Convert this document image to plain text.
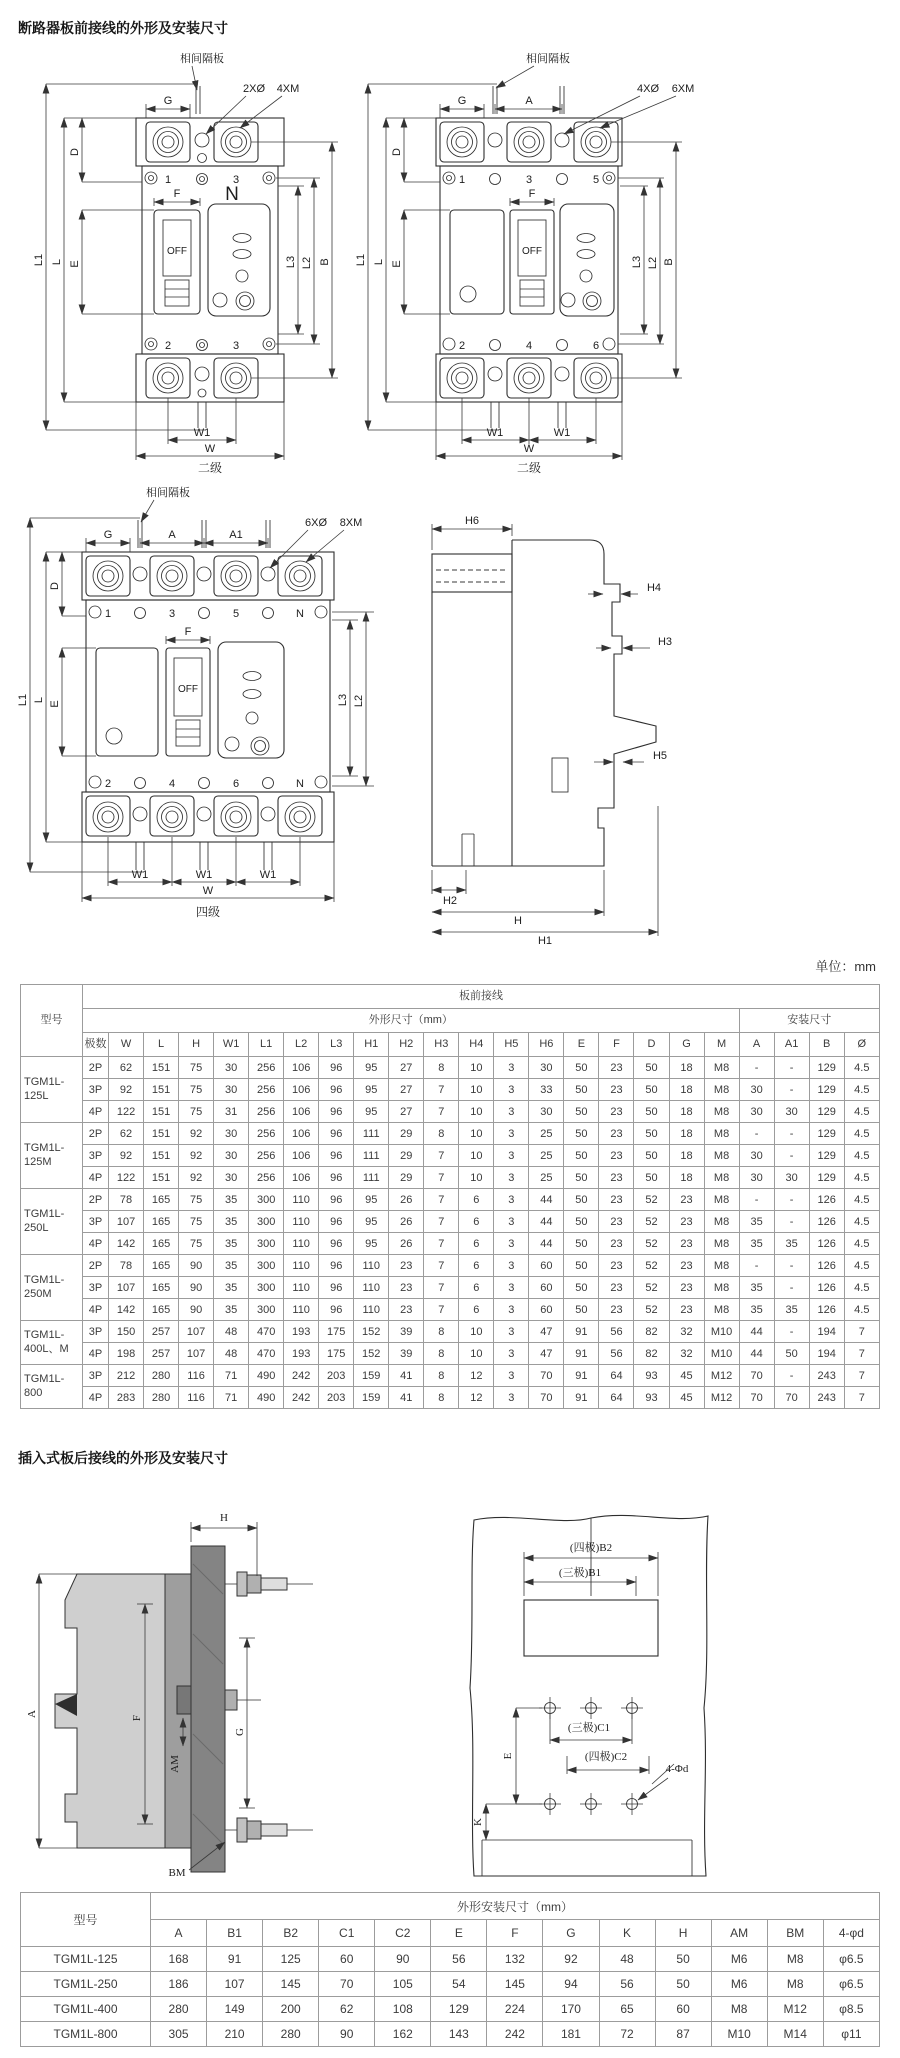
断路器板前接线的外形及安装尺寸
相间隔板
2XØ 4XM
G
L1 L
D
E
F N
OFF
L3 L2 B
W1
W
二级
1	3
2	3
相间隔板
4XØ 6XM
G	A
L1 L
D
E
F
OFF
L3 L2 B
W1	W1
W
二级
1	3	5
2	4	6
相间隔板
6XØ 8XM
G	A	A1
L1 L
D
E
F
OFF
L3 L2
W1	W1	W1
W
四级
1	3	5	N
2	4	6	N
H6
H4
H3
H5
H2
H
H1
单位：mm
型号	板前接线																						
	外形尺寸（mm）																			安装尺寸			
	极数	W	L	H	W1	L1	L2	L3	H1	H2	H3	H4	H5	H6	E	F	D	G	M	A	A1	B	Ø
TGM1L-125L	2P	62	151	75	30	256	106	96	95	27	8	10	3	30	50	23	50	18	M8	-	-	129	4.5
	3P	92	151	75	30	256	106	96	95	27	7	10	3	33	50	23	50	18	M8	30	-	129	4.5
	4P	122	151	75	31	256	106	96	95	27	7	10	3	30	50	23	50	18	M8	30	30	129	4.5
TGM1L-125M	2P	62	151	92	30	256	106	96	111	29	8	10	3	25	50	23	50	18	M8	-	-	129	4.5
	3P	92	151	92	30	256	106	96	111	29	7	10	3	25	50	23	50	18	M8	30	-	129	4.5
	4P	122	151	92	30	256	106	96	111	29	7	10	3	25	50	23	50	18	M8	30	30	129	4.5
TGM1L-250L	2P	78	165	75	35	300	110	96	95	26	7	6	3	44	50	23	52	23	M8	-	-	126	4.5
	3P	107	165	75	35	300	110	96	95	26	7	6	3	44	50	23	52	23	M8	35	-	126	4.5
	4P	142	165	75	35	300	110	96	95	26	7	6	3	44	50	23	52	23	M8	35	35	126	4.5
TGM1L-250M	2P	78	165	90	35	300	110	96	110	23	7	6	3	60	50	23	52	23	M8	-	-	126	4.5
	3P	107	165	90	35	300	110	96	110	23	7	6	3	60	50	23	52	23	M8	35	-	126	4.5
	4P	142	165	90	35	300	110	96	110	23	7	6	3	60	50	23	52	23	M8	35	35	126	4.5
TGM1L-400L、M	3P	150	257	107	48	470	193	175	152	39	8	10	3	47	91	56	82	32	M10	44	-	194	7
	4P	198	257	107	48	470	193	175	152	39	8	10	3	47	91	56	82	32	M10	44	50	194	7
TGM1L-800	3P	212	280	116	71	490	242	203	159	41	8	12	3	70	91	64	93	45	M12	70	-	243	7
	4P	283	280	116	71	490	242	203	159	41	8	12	3	70	91	64	93	45	M12	70	70	243	7
插入式板后接线的外形及安装尺寸
H
A
F
AM
G
BM
(四极)B2
(三极)B1
(三极)C1
(四极)C2
E
K
4-Φd
型号	外形安装尺寸（mm）												
	A	B1	B2	C1	C2	E	F	G	K	H	AM	BM	4-φd
TGM1L-125	168	91	125	60	90	56	132	92	48	50	M6	M8	φ6.5
TGM1L-250	186	107	145	70	105	54	145	94	56	50	M6	M8	φ6.5
TGM1L-400	280	149	200	62	108	129	224	170	65	60	M8	M12	φ8.5
TGM1L-800	305	210	280	90	162	143	242	181	72	87	M10	M14	φ11
